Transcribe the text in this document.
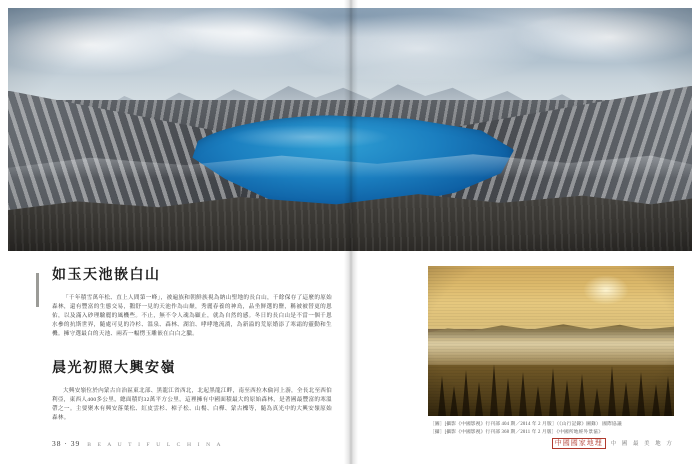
如玉天池嵌白山

「千年積雪萬年松、直上人間第一峰」，被遍族和朝鮮族視為納山聖地的長白山，千餘保存了這麼的原始森林，還有豐富的生態交易，鵝舒一見的天池作為山巔，秀麗春養的神鳥，品坐鮮選的鹽，稱被被替更的恩佑，以及滿入砂理驗麗的風機些。不止，無不令人魂為顧止，就為自然的感。冬日的長白山是不當一個千恩水參的抗斯世界，隨處可見的冷杉、溫泉、森林、湖泊、哮哮地流淌，為新溢的荒原婚添了寒霜的靈動和生機。擁守選最白的天池、兩若一幅愣玉雕嵌在白白之臘。

晨光初照大興安嶺

大興安嶺位於內蒙古自治區東北部、黑龍江省西北，北起黑龍江畔，南至西拉木倫河上游，全長北至西伯利亞，東西人400多公里，總面積約32萬平方公里，這裡擁有中國面積最大的原始森林，是著國最豐富的寒溫帶之一。主要聚木有興安落葉松、紅皮雲杉、樟子松、山楊、白樺、蒙古櫟等，隨為真光中的大興安嶺原始森林。

［圖］[攝影《中國影視》行刊部 404 期／2014 年 2 月版］（《山行記錄》圖錄） 國際協議
［攝］[攝影《中國影視》行刊部 368 期／2011 年 2 月版］《中國所地經外景協》
38 · 39 B E A U T I F U L C H I N A	中國國家地理	中 國 最 美 地 方
